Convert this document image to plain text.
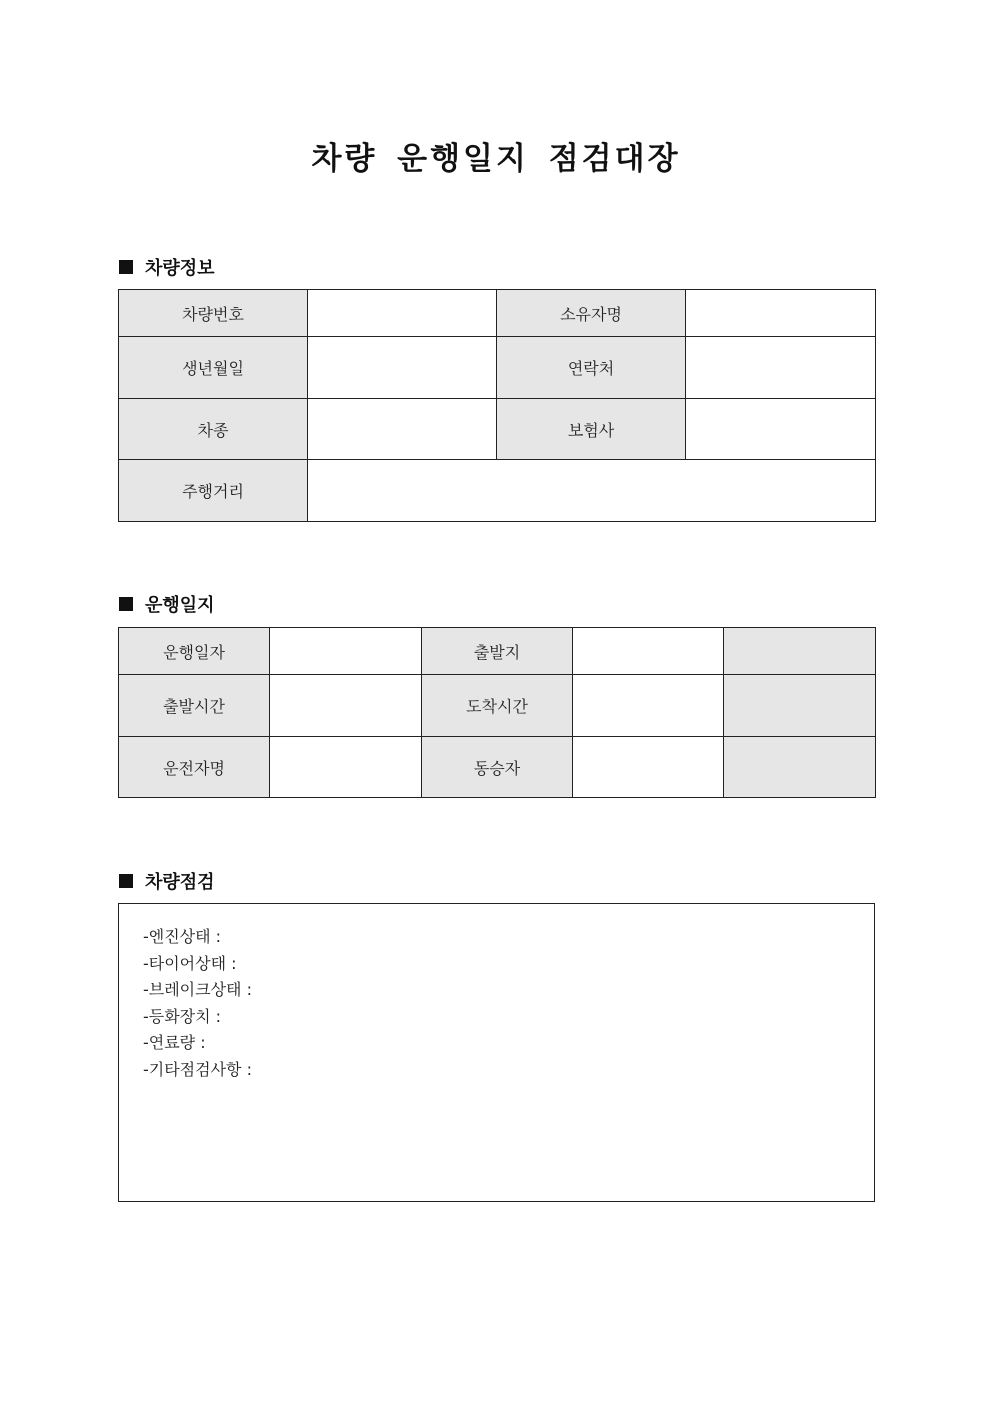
차량 운행일지 점검대장
차량정보
차량번호		소유자명	
생년월일		연락처	
차종		보험사	
주행거리			
운행일지
운행일자		출발지		
출발시간		도착시간		
운전자명		동승자		
차량점검
-엔진상태 :
-타이어상태 :
-브레이크상태 :
-등화장치 :
-연료량 :
-기타점검사항 :
